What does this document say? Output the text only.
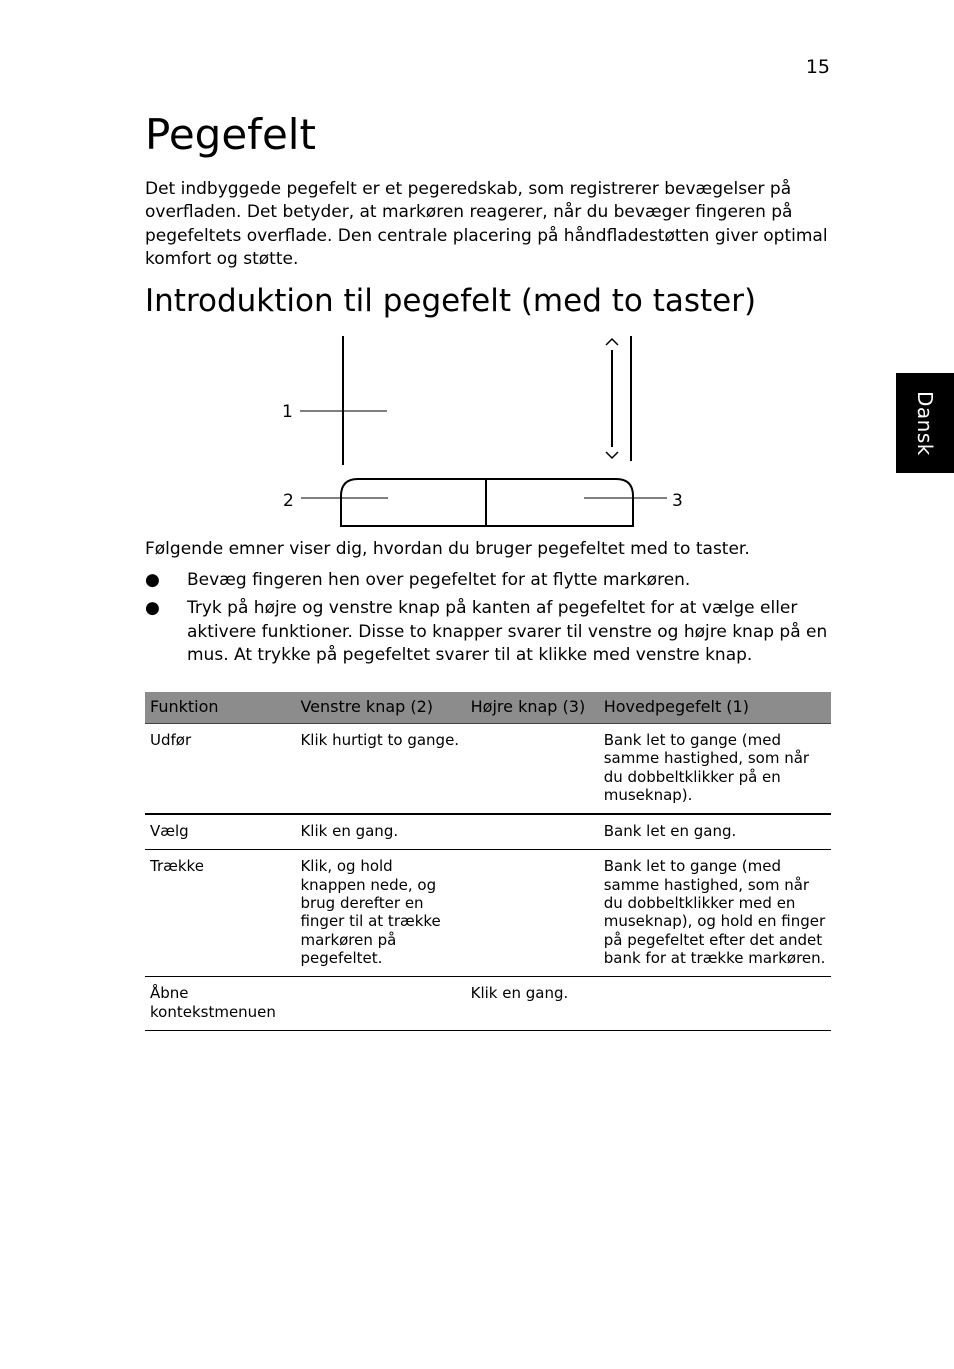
15
Dansk
Pegefelt

Det indbyggede pegefelt er et pegeredskab, som registrerer bevægelser på overfladen. Det betyder, at markøren reagerer, når du bevæger fingeren på pegefeltets overflade. Den centrale placering på håndfladestøtten giver optimal komfort og støtte.

Introduktion til pegefelt (med to taster)
1
2	3

Følgende emner viser dig, hvordan du bruger pegefeltet med to taster.

● Bevæg fingeren hen over pegefeltet for at flytte markøren.
● Tryk på højre og venstre knap på kanten af pegefeltet for at vælge eller aktivere funktioner. Disse to knapper svarer til venstre og højre knap på en mus. At trykke på pegefeltet svarer til at klikke med venstre knap.
Funktion	Venstre knap (2)	Højre knap (3)	Hovedpegefelt (1)
Udfør	Klik hurtigt to gange.		Bank let to gange (med samme hastighed, som når du dobbeltklikker på en museknap).
Vælg	Klik en gang.		Bank let en gang.
Trække	Klik, og hold knappen nede, og brug derefter en finger til at trække markøren på pegefeltet.		Bank let to gange (med samme hastighed, som når du dobbeltklikker med en museknap), og hold en finger på pegefeltet efter det andet bank for at trække markøren.
Åbne kontekstmenuen		Klik en gang.	
